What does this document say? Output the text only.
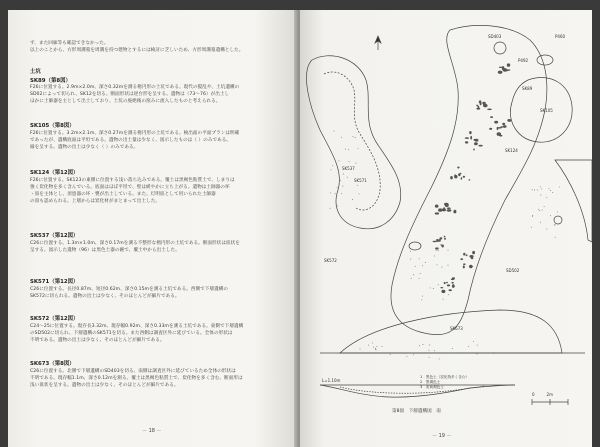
ず、また回廊等も確認できなかった。
以上のことから、方形周溝墓を周溝を持つ建物とするには検討に乏しいため、方形周溝墓遺構とした。
土坑
SK89（第8図）
F26に位置する。2.9m×2.0m、深さ0.32mを測る楕円形の土坑である。現代の撹乱や、土坑遺構の
SD02によって切られ、SK12を切る。断面形状は逆台形を呈する。遺物は（73〜76）が出土し
ほかに土師器を主として出土しており、土坑の廃絶後の窪みに流入したものと考えられる。
SK105（第8図）
F26に位置する。3.2m×2.1m、深さ0.27mを測る楕円形の土坑である。検出面の平面プランは明確
であったが、遺構底面は平坦である。遺物の出土量は少なく、図示したものは（ ）のみである。
縁を呈する。遺物の出土は少なく（ ）のみである。
SK124（第12図）
F26に位置する。SK123の東側に位置する浅い落ち込みである。覆土は黒褐色粘質土で、しまりは
強く炭化物を多く含んでいる。底面はほぼ平坦で、壁は緩やかに立ち上がる。遺物は土師器の坏
・皿を主体とし、須恵器の坏・甕が出土している。また、灯明皿として用いられた土師器
の皿も認められる。上層からは炭化材がまとまって出土した。
SK537（第12図）
C26に位置する。1.3m×1.0m、深さ0.17mを測る不整形な楕円形の土坑である。断面形状は皿状を
呈する。図示した遺物（96）は黒色土器の碗で、覆土中から出土した。
SK571（第12図）
C26に位置する。長径0.87m、短径0.62m、深さ0.15mを測る土坑である。西側で下層遺構の
SK572に切られる。遺物の出土は少なく、そのほとんどが細片である。
SK572（第12図）
C24〜25に位置する。現存長3.32m、現存幅0.92m、深さ0.33mを測る土坑である。東側で下層遺構
のSD502に切られ、下層遺構のSK571を切る。また西側は調査区外に延びている。全体の形状は
不明である。遺物の出土は少なく、そのほとんどが細片である。
SK673（第8図）
C26に位置する。北側で下層遺構のSD403を切る。南側は調査区外に延びているため全体の形状は
不明である。現存幅1.1m、深さ0.12mを測る。覆土は黒褐色粘質土で、炭化物を多く含む。断面形は
浅い皿状を呈する。遺物の出土は少なく、そのほとんどが細片である。
－ 18 －
SD403
SK89
SK105
SK124
SK537
SK571
SK572
SK673
SD502
P460
P492
L=1.10m
0　　　2m
1　黒色土（炭化物多く含む）
2　黒褐色土
3　灰黄褐色土
第8図　下層遺構図　南
－ 19 －
